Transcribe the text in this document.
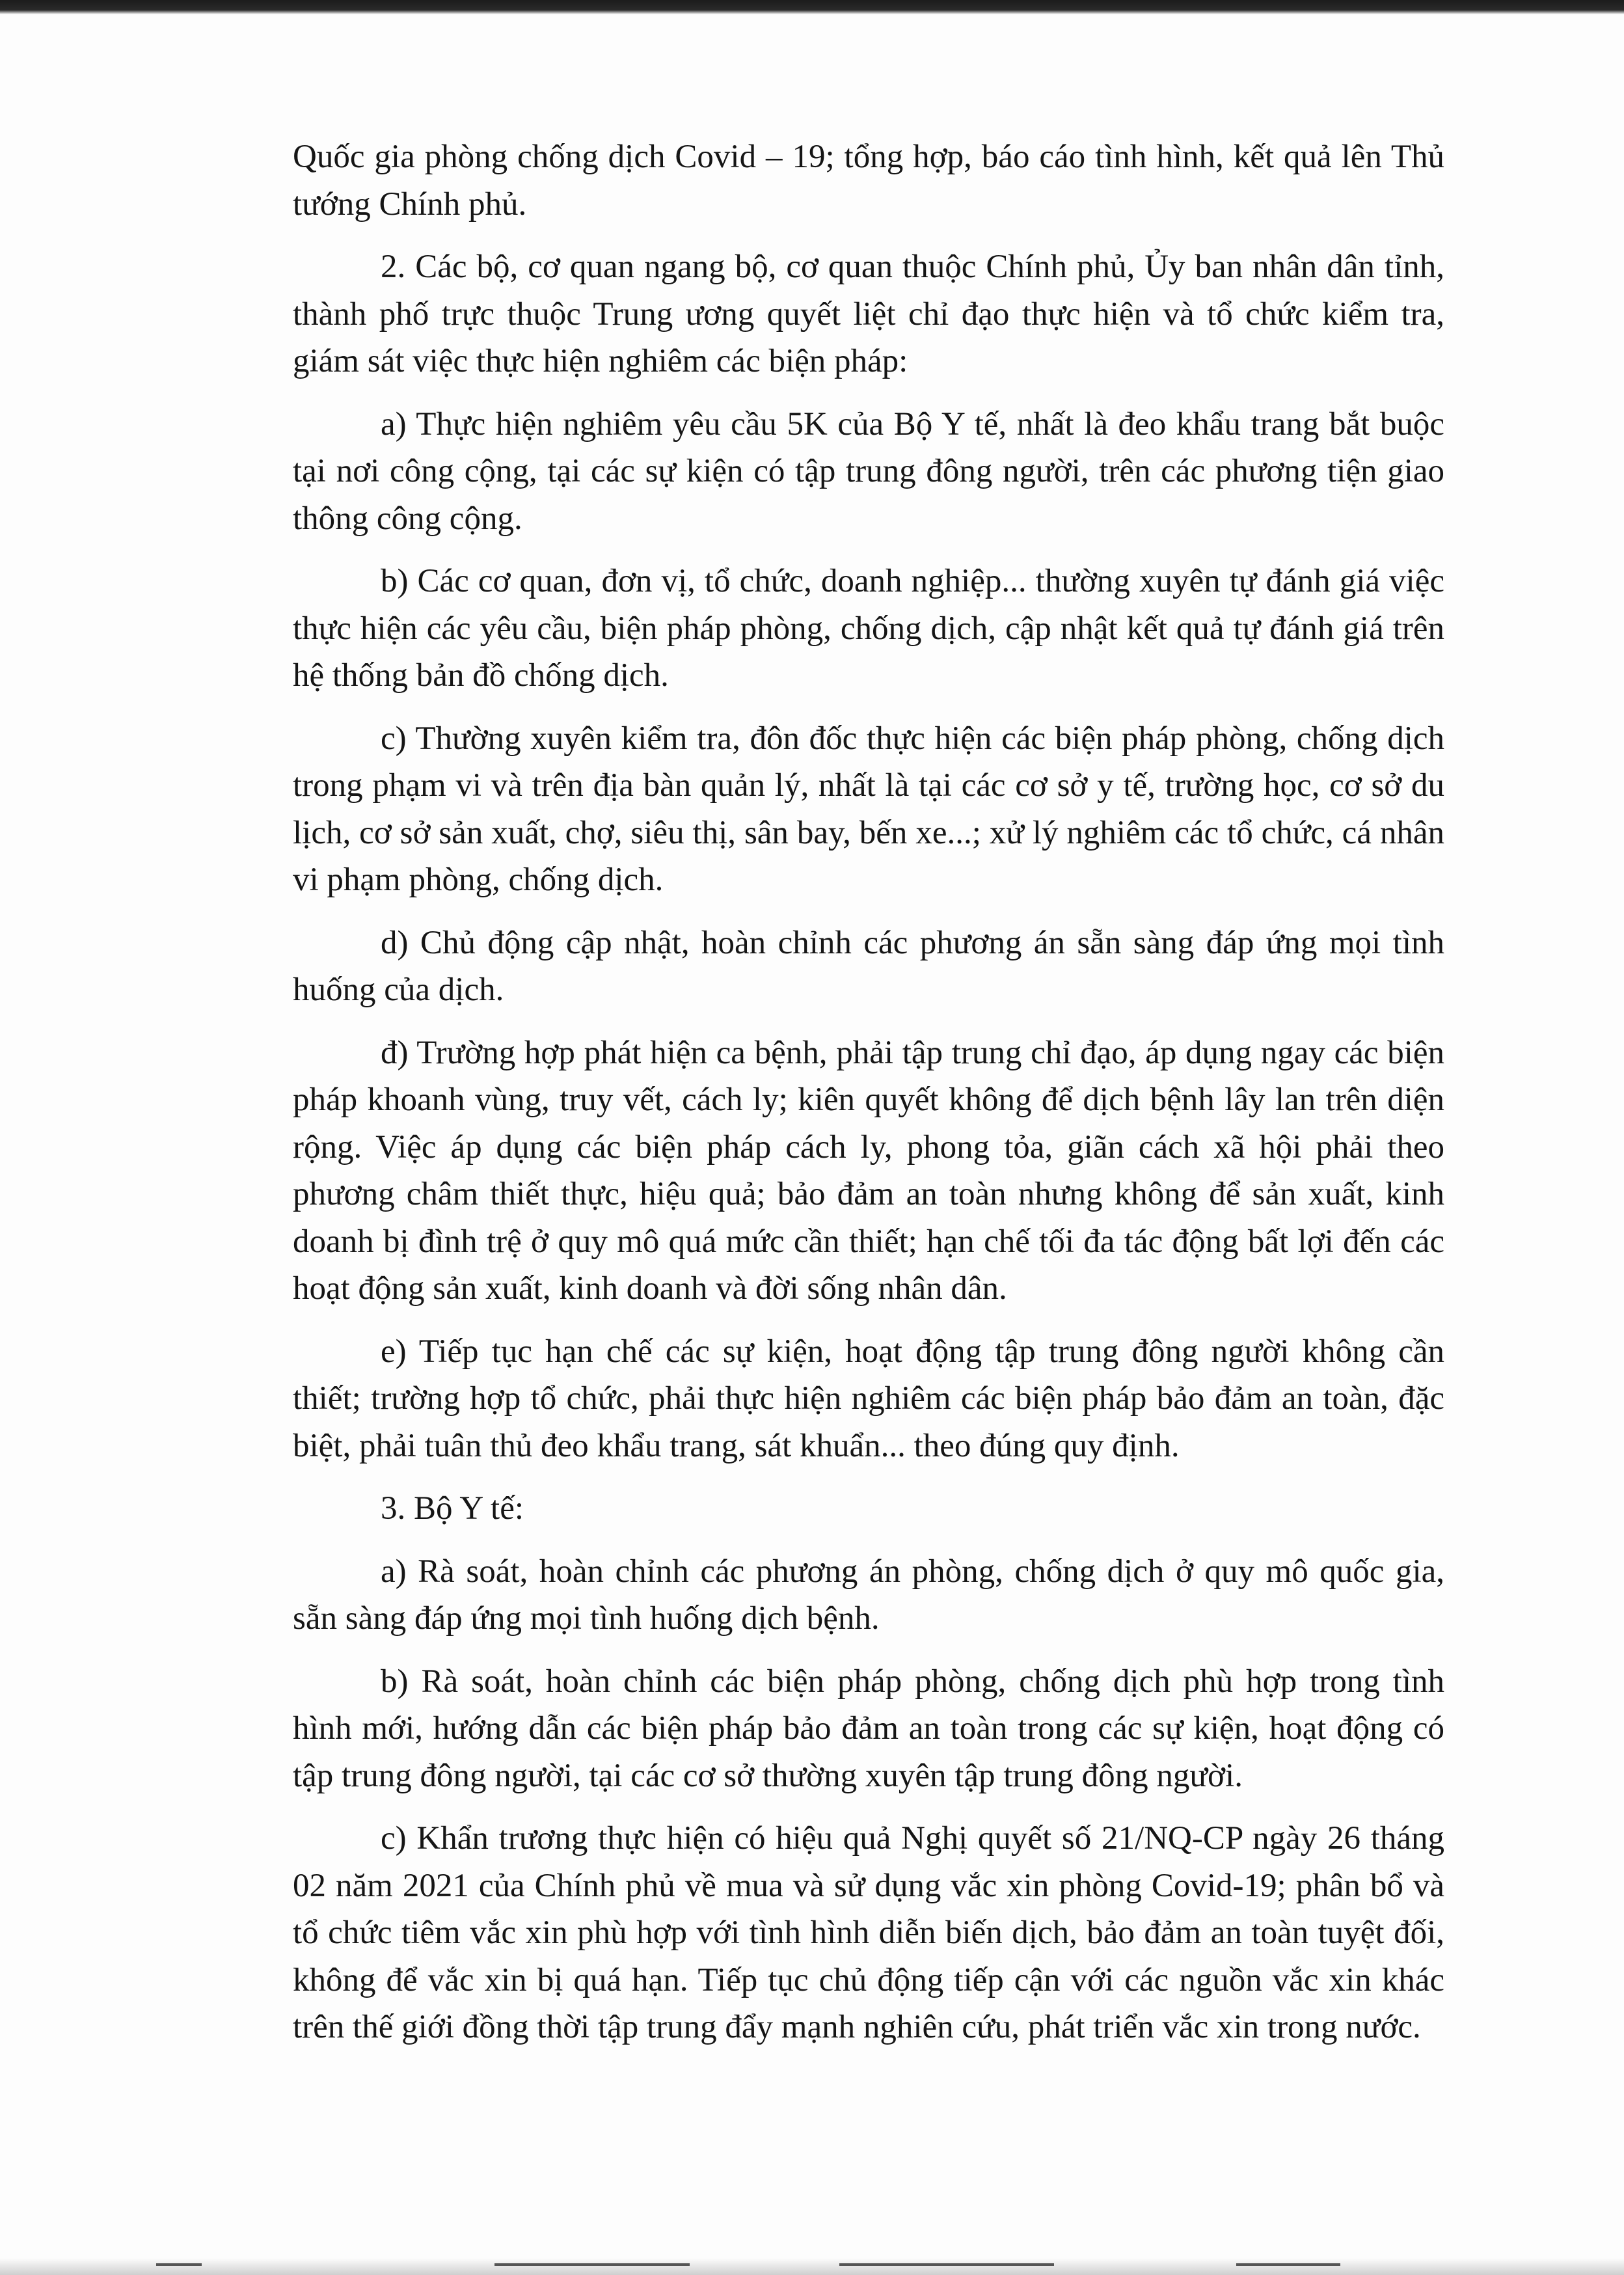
Quốc gia phòng chống dịch Covid – 19; tổng hợp, báo cáo tình hình, kết quả lên Thủ tướng Chính phủ.

2. Các bộ, cơ quan ngang bộ, cơ quan thuộc Chính phủ, Ủy ban nhân dân tỉnh, thành phố trực thuộc Trung ương quyết liệt chỉ đạo thực hiện và tổ chức kiểm tra, giám sát việc thực hiện nghiêm các biện pháp:

a) Thực hiện nghiêm yêu cầu 5K của Bộ Y tế, nhất là đeo khẩu trang bắt buộc tại nơi công cộng, tại các sự kiện có tập trung đông người, trên các phương tiện giao thông công cộng.

b) Các cơ quan, đơn vị, tổ chức, doanh nghiệp... thường xuyên tự đánh giá việc thực hiện các yêu cầu, biện pháp phòng, chống dịch, cập nhật kết quả tự đánh giá trên hệ thống bản đồ chống dịch.

c) Thường xuyên kiểm tra, đôn đốc thực hiện các biện pháp phòng, chống dịch trong phạm vi và trên địa bàn quản lý, nhất là tại các cơ sở y tế, trường học, cơ sở du lịch, cơ sở sản xuất, chợ, siêu thị, sân bay, bến xe...; xử lý nghiêm các tổ chức, cá nhân vi phạm phòng, chống dịch.

d) Chủ động cập nhật, hoàn chỉnh các phương án sẵn sàng đáp ứng mọi tình huống của dịch.

đ) Trường hợp phát hiện ca bệnh, phải tập trung chỉ đạo, áp dụng ngay các biện pháp khoanh vùng, truy vết, cách ly; kiên quyết không để dịch bệnh lây lan trên diện rộng. Việc áp dụng các biện pháp cách ly, phong tỏa, giãn cách xã hội phải theo phương châm thiết thực, hiệu quả; bảo đảm an toàn nhưng không để sản xuất, kinh doanh bị đình trệ ở quy mô quá mức cần thiết; hạn chế tối đa tác động bất lợi đến các hoạt động sản xuất, kinh doanh và đời sống nhân dân.

e) Tiếp tục hạn chế các sự kiện, hoạt động tập trung đông người không cần thiết; trường hợp tổ chức, phải thực hiện nghiêm các biện pháp bảo đảm an toàn, đặc biệt, phải tuân thủ đeo khẩu trang, sát khuẩn... theo đúng quy định.

3. Bộ Y tế:

a) Rà soát, hoàn chỉnh các phương án phòng, chống dịch ở quy mô quốc gia, sẵn sàng đáp ứng mọi tình huống dịch bệnh.

b) Rà soát, hoàn chỉnh các biện pháp phòng, chống dịch phù hợp trong tình hình mới, hướng dẫn các biện pháp bảo đảm an toàn trong các sự kiện, hoạt động có tập trung đông người, tại các cơ sở thường xuyên tập trung đông người.

c) Khẩn trương thực hiện có hiệu quả Nghị quyết số 21/NQ-CP ngày 26 tháng 02 năm 2021 của Chính phủ về mua và sử dụng vắc xin phòng Covid-19; phân bổ và tổ chức tiêm vắc xin phù hợp với tình hình diễn biến dịch, bảo đảm an toàn tuyệt đối, không để vắc xin bị quá hạn. Tiếp tục chủ động tiếp cận với các nguồn vắc xin khác trên thế giới đồng thời tập trung đẩy mạnh nghiên cứu, phát triển vắc xin trong nước.
